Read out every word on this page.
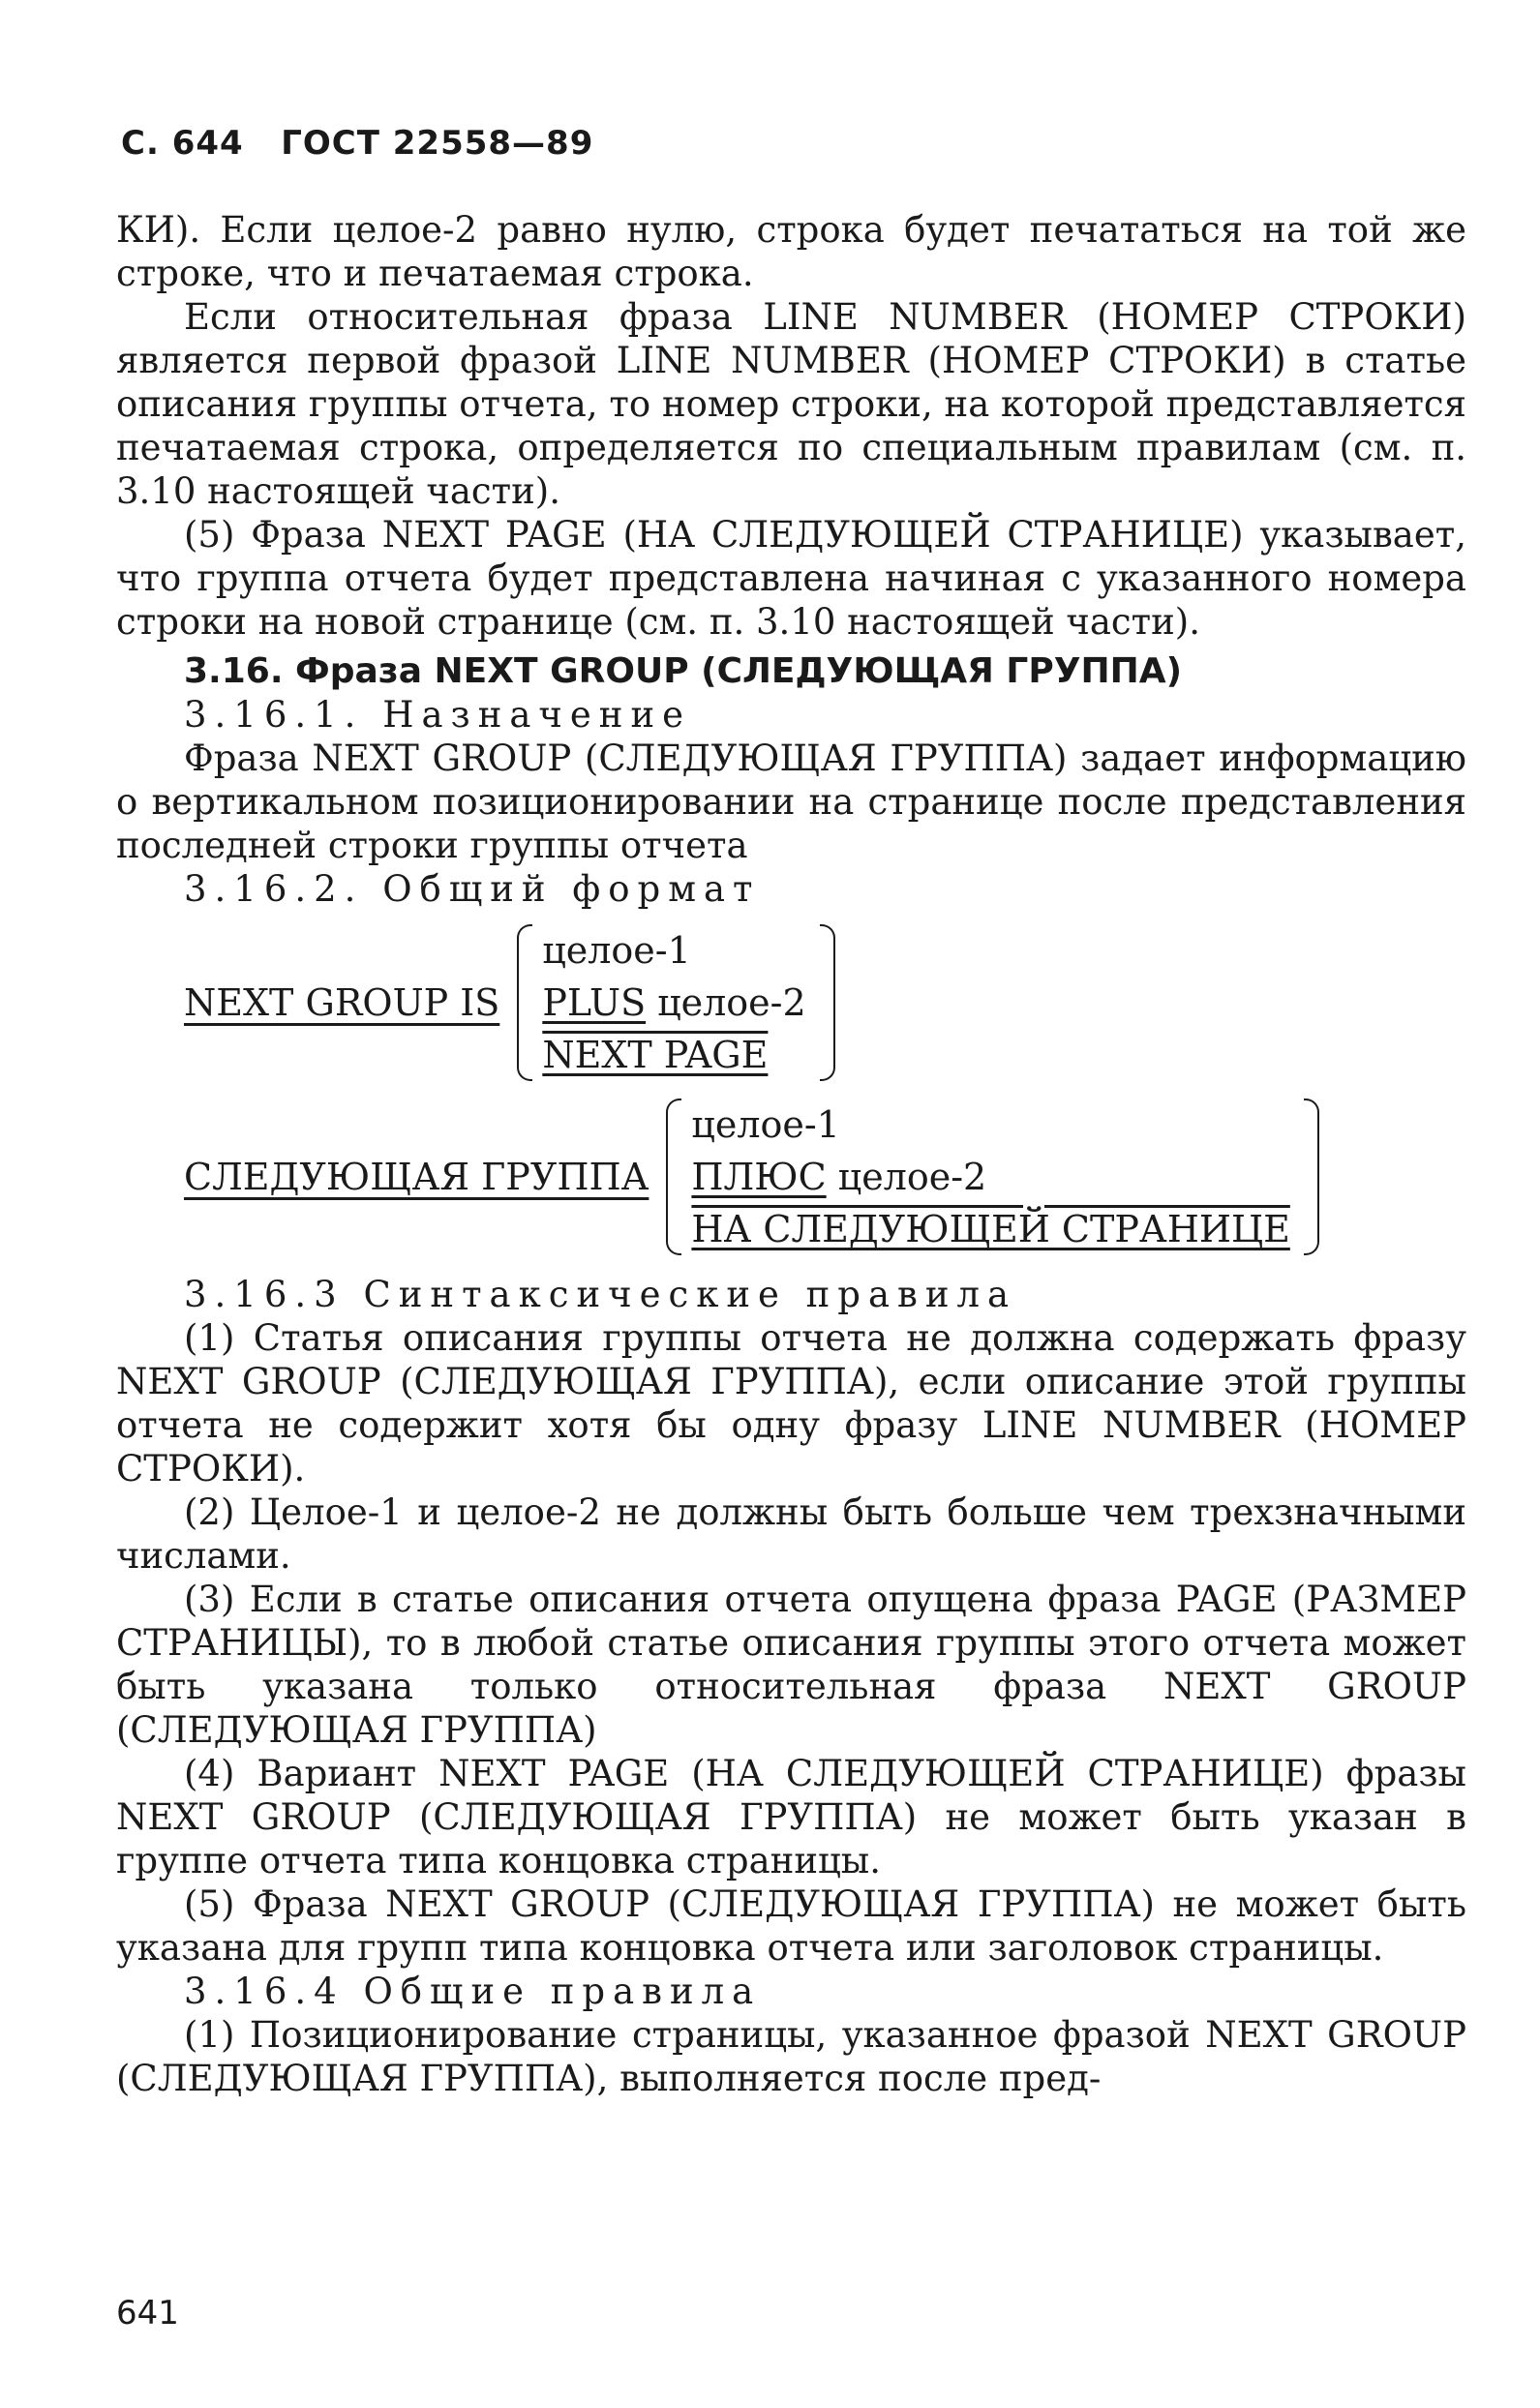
С. 644 ГОСТ 22558—89

КИ). Если целое-2 равно нулю, строка будет печататься на той же строке, что и печатаемая строка.

Если относительная фраза LINE NUMBER (НОМЕР СТРОКИ) является первой фразой LINE NUMBER (НОМЕР СТРОКИ) в статье описания группы отчета, то номер строки, на которой представляется печатаемая строка, определяется по специальным правилам (см. п. 3.10 настоящей части).

(5) Фраза NEXT PAGE (НА СЛЕДУЮЩЕЙ СТРАНИЦЕ) указывает, что группа отчета будет представлена начиная с указанного номера строки на новой странице (см. п. 3.10 настоящей части).

3.16. Фраза NEXT GROUP (СЛЕДУЮЩАЯ ГРУППА)

3.16.1. Назначение

Фраза NEXT GROUP (СЛЕДУЮЩАЯ ГРУППА) задает информацию о вертикальном позиционировании на странице после представления последней строки группы отчета

3.16.2. Общий формат

NEXT GROUP IS
целое-1
PLUS целое-2
NEXT PAGE
СЛЕДУЮЩАЯ ГРУППА
целое-1
ПЛЮС целое-2
НА СЛЕДУЮЩЕЙ СТРАНИЦЕ

3.16.3 Синтаксические правила

(1) Статья описания группы отчета не должна содержать фразу NEXT GROUP (СЛЕДУЮЩАЯ ГРУППА), если описание этой группы отчета не содержит хотя бы одну фразу LINE NUMBER (НОМЕР СТРОКИ).

(2) Целое-1 и целое-2 не должны быть больше чем трехзначными числами.

(3) Если в статье описания отчета опущена фраза PAGE (РАЗМЕР СТРАНИЦЫ), то в любой статье описания группы этого отчета может быть указана только относительная фраза NEXT GROUP (СЛЕДУЮЩАЯ ГРУППА)

(4) Вариант NEXT PAGE (НА СЛЕДУЮЩЕЙ СТРАНИЦЕ) фразы NEXT GROUP (СЛЕДУЮЩАЯ ГРУППА) не может быть указан в группе отчета типа концовка страницы.

(5) Фраза NEXT GROUP (СЛЕДУЮЩАЯ ГРУППА) не может быть указана для групп типа концовка отчета или заголовок страницы.

3.16.4 Общие правила

(1) Позиционирование страницы, указанное фразой NEXT GROUP (СЛЕДУЮЩАЯ ГРУППА), выполняется после пред-

641
